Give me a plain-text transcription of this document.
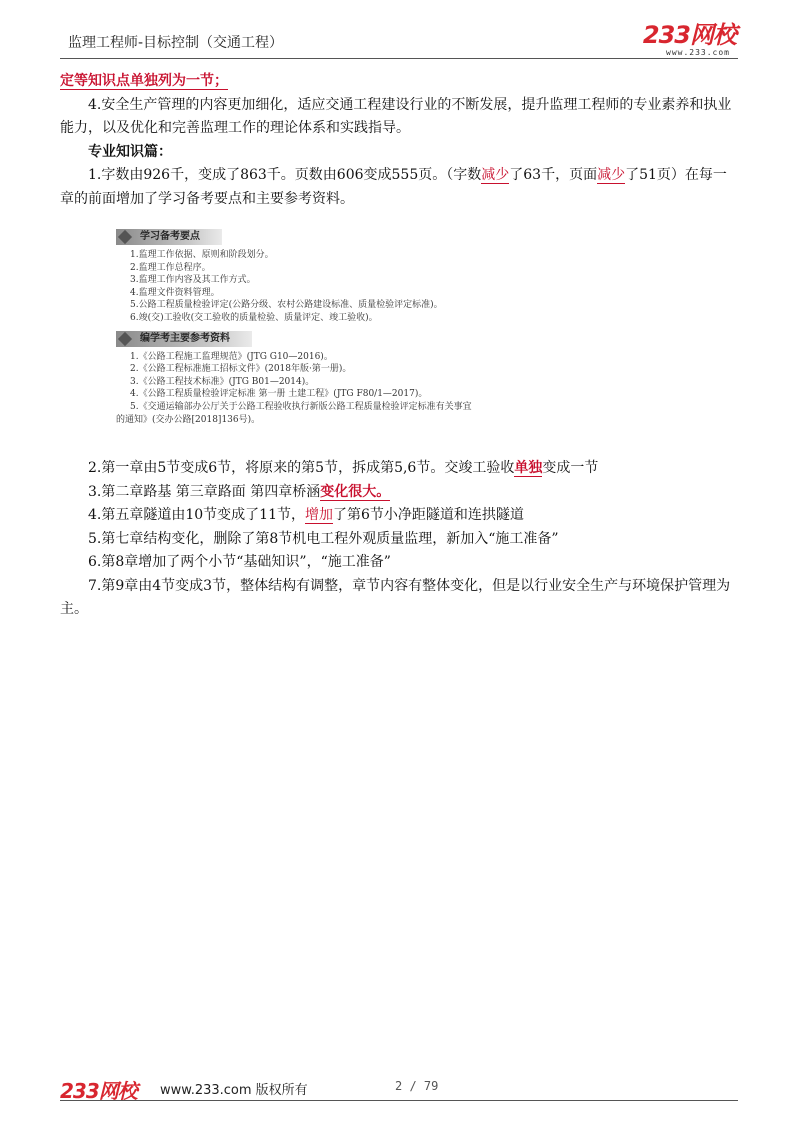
监理工程师-目标控制（交通工程）	233网校
www.233.com

定等知识点单独列为一节；

4.安全生产管理的内容更加细化，适应交通工程建设行业的不断发展，提升监理工程师的专业素养和执业能力，以及优化和完善监理工作的理论体系和实践指导。

专业知识篇：

1.字数由926千，变成了863千。页数由606变成555页。（字数减少了63千，页面减少了51页）在每一章的前面增加了学习备考要点和主要参考资料。

学习备考要点
1.监理工作依据、原则和阶段划分。
2.监理工作总程序。
3.监理工作内容及其工作方式。
4.监理文件资料管理。
5.公路工程质量检验评定(公路分级、农村公路建设标准、质量检验评定标准)。
6.竣(交)工验收(交工验收的质量检验、质量评定、竣工验收)。
编学考主要参考资料
1.《公路工程施工监理规范》(JTG G10—2016)。
2.《公路工程标准施工招标文件》(2018年版·第一册)。
3.《公路工程技术标准》(JTG B01—2014)。
4.《公路工程质量检验评定标准 第一册 土建工程》(JTG F80/1—2017)。
5.《交通运输部办公厅关于公路工程验收执行新版公路工程质量检验评定标准有关事宜
的通知》(交办公路[2018]136号)。

2.第一章由5节变成6节，将原来的第5节，拆成第5,6节。交竣工验收单独变成一节

3.第二章路基 第三章路面 第四章桥涵变化很大。

4.第五章隧道由10节变成了11节，增加了第6节小净距隧道和连拱隧道

5.第七章结构变化，删除了第8节机电工程外观质量监理，新加入“施工准备”

6.第8章增加了两个小节“基础知识”，“施工准备”

7.第9章由4节变成3节，整体结构有调整，章节内容有整体变化，但是以行业安全生产与环境保护管理为主。

233网校 www.233.com 版权所有	2 / 79
